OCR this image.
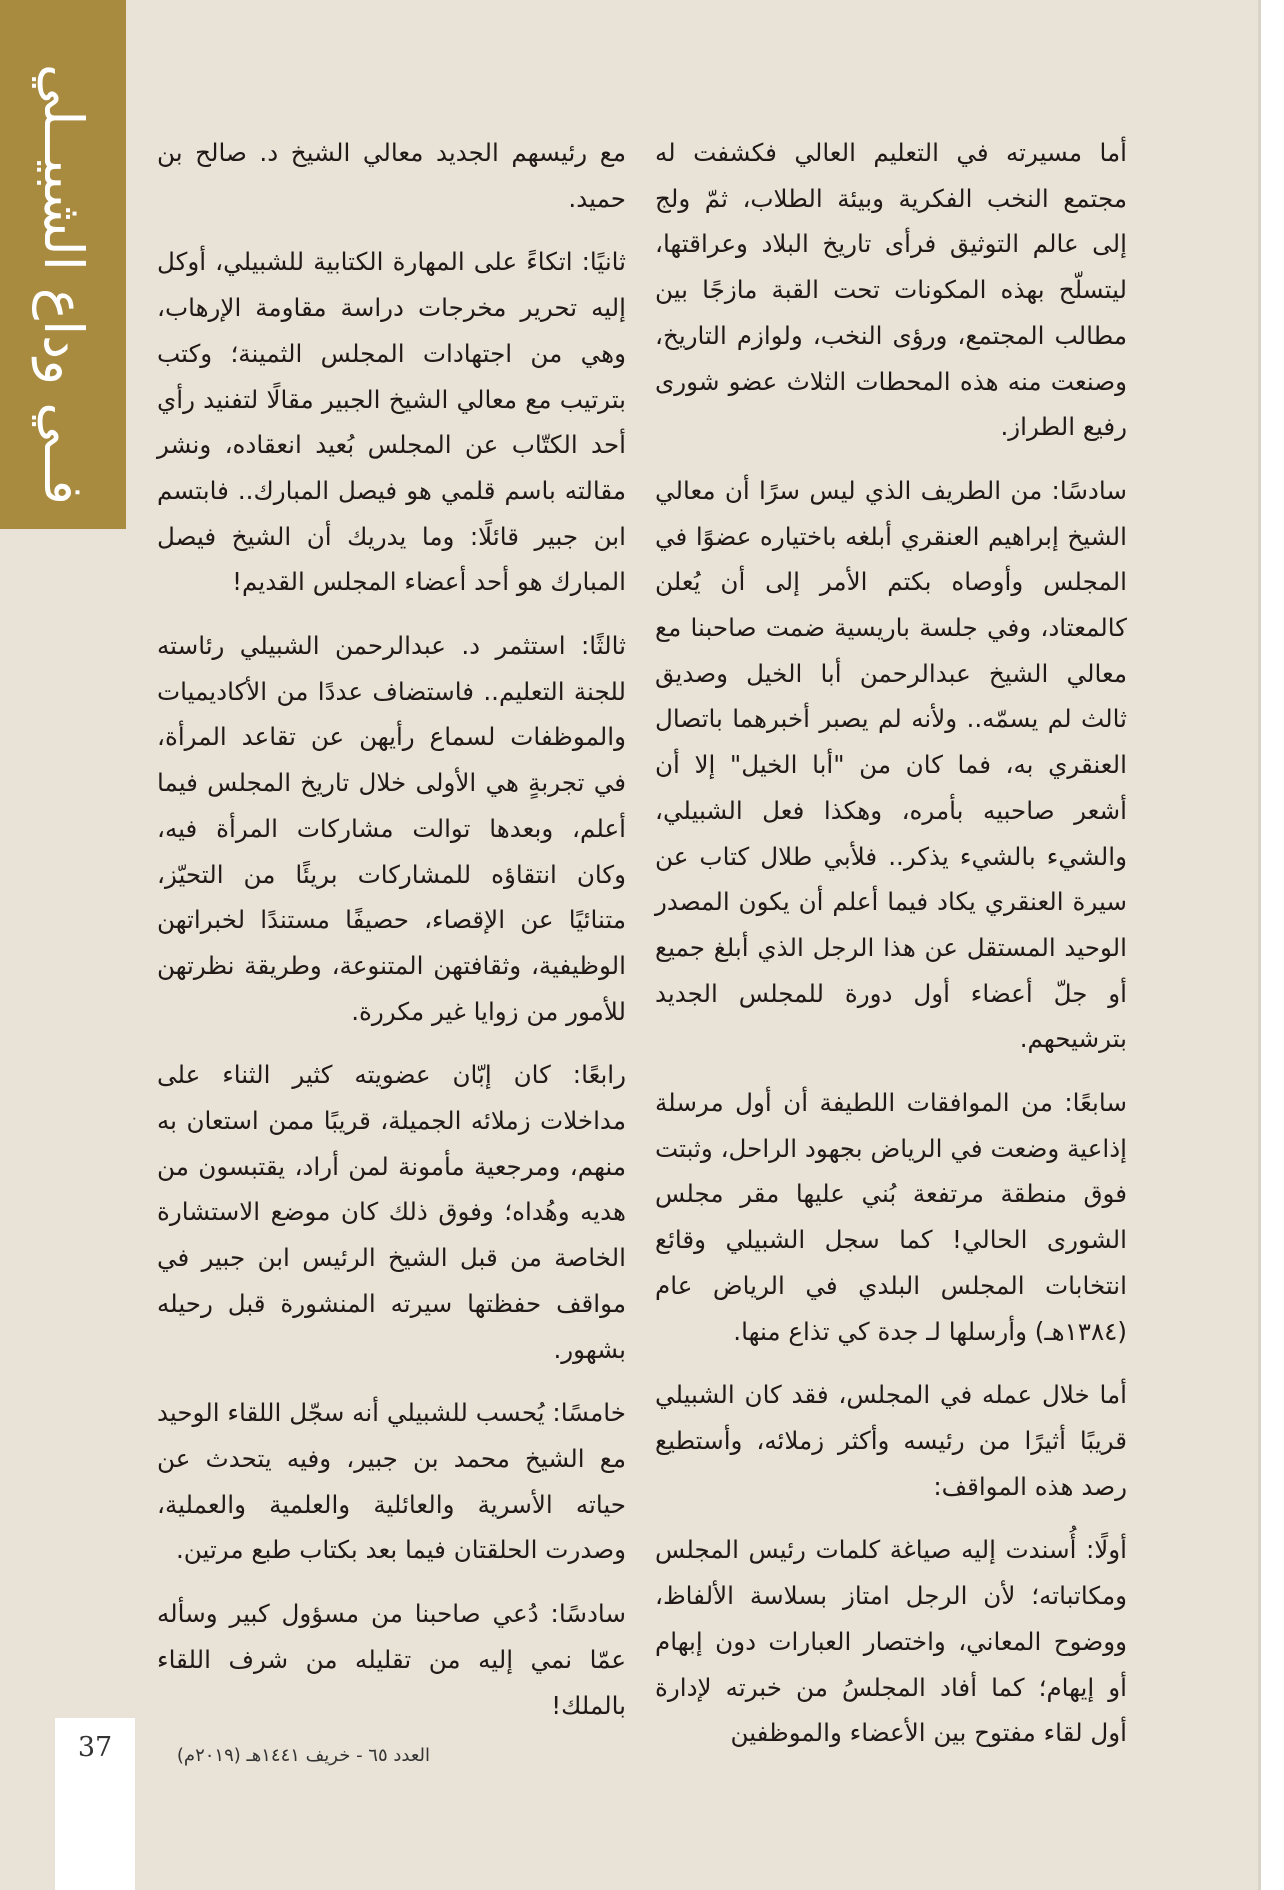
فــي وداع الشبيــلي	أما مسيرته في التعليم العالي فكشفت له مجتمع النخب الفكرية وبيئة الطلاب، ثمّ ولج إلى عالم التوثيق فرأى تاريخ البلاد وعراقتها، ليتسلّح بهذه المكونات تحت القبة مازجًا بين مطالب المجتمع، ورؤى النخب، ولوازم التاريخ، وصنعت منه هذه المحطات الثلاث عضو شورى رفيع الطراز.

سادسًا: من الطريف الذي ليس سرًا أن معالي الشيخ إبراهيم العنقري أبلغه باختياره عضوًا في المجلس وأوصاه بكتم الأمر إلى أن يُعلن كالمعتاد، وفي جلسة باريسية ضمت صاحبنا مع معالي الشيخ عبدالرحمن أبا الخيل وصديق ثالث لم يسمّه.. ولأنه لم يصبر أخبرهما باتصال العنقري به، فما كان من "أبا الخيل" إلا أن أشعر صاحبيه بأمره، وهكذا فعل الشبيلي، والشيء بالشيء يذكر.. فلأبي طلال كتاب عن سيرة العنقري يكاد فيما أعلم أن يكون المصدر الوحيد المستقل عن هذا الرجل الذي أبلغ جميع أو جلّ أعضاء أول دورة للمجلس الجديد بترشيحهم.

سابعًا: من الموافقات اللطيفة أن أول مرسلة إذاعية وضعت في الرياض بجهود الراحل، وثبتت فوق منطقة مرتفعة بُني عليها مقر مجلس الشورى الحالي! كما سجل الشبيلي وقائع انتخابات المجلس البلدي في الرياض عام (١٣٨٤هـ) وأرسلها لـ جدة كي تذاع منها.

أما خلال عمله في المجلس، فقد كان الشبيلي قريبًا أثيرًا من رئيسه وأكثر زملائه، وأستطيع رصد هذه المواقف:

أولًا: أُسندت إليه صياغة كلمات رئيس المجلس ومكاتباته؛ لأن الرجل امتاز بسلاسة الألفاظ، ووضوح المعاني، واختصار العبارات دون إبهام أو إيهام؛ كما أفاد المجلسُ من خبرته لإدارة أول لقاء مفتوح بين الأعضاء والموظفين

مع رئيسهم الجديد معالي الشيخ د. صالح بن حميد.

ثانيًا: اتكاءً على المهارة الكتابية للشبيلي، أوكل إليه تحرير مخرجات دراسة مقاومة الإرهاب، وهي من اجتهادات المجلس الثمينة؛ وكتب بترتيب مع معالي الشيخ الجبير مقالًا لتفنيد رأي أحد الكتّاب عن المجلس بُعيد انعقاده، ونشر مقالته باسم قلمي هو فيصل المبارك.. فابتسم ابن جبير قائلًا: وما يدريك أن الشيخ فيصل المبارك هو أحد أعضاء المجلس القديم!

ثالثًا: استثمر د. عبدالرحمن الشبيلي رئاسته للجنة التعليم.. فاستضاف عددًا من الأكاديميات والموظفات لسماع رأيهن عن تقاعد المرأة، في تجربةٍ هي الأولى خلال تاريخ المجلس فيما أعلم، وبعدها توالت مشاركات المرأة فيه، وكان انتقاؤه للمشاركات بريئًا من التحيّز، متنائيًا عن الإقصاء، حصيفًا مستندًا لخبراتهن الوظيفية، وثقافتهن المتنوعة، وطريقة نظرتهن للأمور من زوايا غير مكررة.

رابعًا: كان إبّان عضويته كثير الثناء على مداخلات زملائه الجميلة، قريبًا ممن استعان به منهم، ومرجعية مأمونة لمن أراد، يقتبسون من هديه وهُداه؛ وفوق ذلك كان موضع الاستشارة الخاصة من قبل الشيخ الرئيس ابن جبير في مواقف حفظتها سيرته المنشورة قبل رحيله بشهور.

خامسًا: يُحسب للشبيلي أنه سجّل اللقاء الوحيد مع الشيخ محمد بن جبير، وفيه يتحدث عن حياته الأسرية والعائلية والعلمية والعملية، وصدرت الحلقتان فيما بعد بكتاب طبع مرتين.

سادسًا: دُعي صاحبنا من مسؤول كبير وسأله عمّا نمي إليه من تقليله من شرف اللقاء بالملك!

37	العدد ٦٥ - خريف ١٤٤١هـ (٢٠١٩م)
